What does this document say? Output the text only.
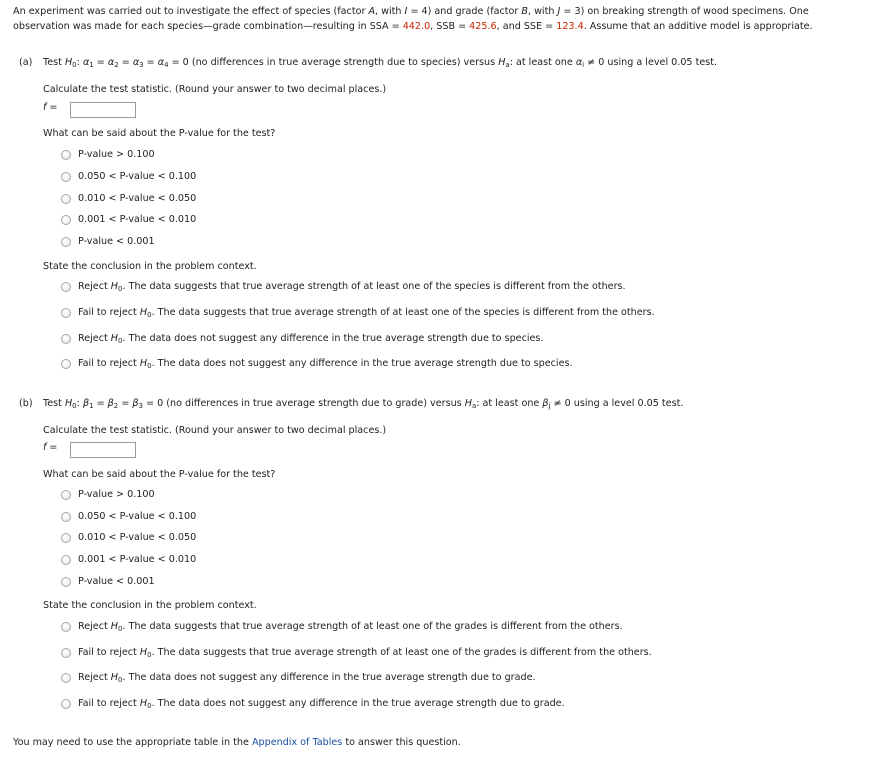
An experiment was carried out to investigate the effect of species (factor A, with I = 4) and grade (factor B, with J = 3) on breaking strength of wood specimens. One observation was made for each species—grade combination—resulting in SSA = 442.0, SSB = 425.6, and SSE = 123.4. Assume that an additive model is appropriate.
(a) Test $H_0$: $\alpha_1 = \alpha_2 = \alpha_3 = \alpha_4 = 0$ (no differences in true average strength due to species) versus $H_a$: at least one $\alpha_i \ne 0$ using a level 0.05 test.
Calculate the test statistic. (Round your answer to two decimal places.)
f =
What can be said about the P-value for the test?
P-value > 0.100
0.050 < P-value < 0.100
0.010 < P-value < 0.050
0.001 < P-value < 0.010
P-value < 0.001
State the conclusion in the problem context.
Reject $H_0$. The data suggests that true average strength of at least one of the species is different from the others.
Fail to reject $H_0$. The data suggests that true average strength of at least one of the species is different from the others.
Reject $H_0$. The data does not suggest any difference in the true average strength due to species.
Fail to reject $H_0$. The data does not suggest any difference in the true average strength due to species.
(b) Test $H_0$: $\beta_1 = \beta_2 = \beta_3 = 0$ (no differences in true average strength due to grade) versus $H_a$: at least one $\beta_j \ne 0$ using a level 0.05 test.
Calculate the test statistic. (Round your answer to two decimal places.)
f =
What can be said about the P-value for the test?
P-value > 0.100
0.050 < P-value < 0.100
0.010 < P-value < 0.050
0.001 < P-value < 0.010
P-value < 0.001
State the conclusion in the problem context.
Reject $H_0$. The data suggests that true average strength of at least one of the grades is different from the others.
Fail to reject $H_0$. The data suggests that true average strength of at least one of the grades is different from the others.
Reject $H_0$. The data does not suggest any difference in the true average strength due to grade.
Fail to reject $H_0$. The data does not suggest any difference in the true average strength due to grade.
You may need to use the appropriate table in the Appendix of Tables to answer this question.
